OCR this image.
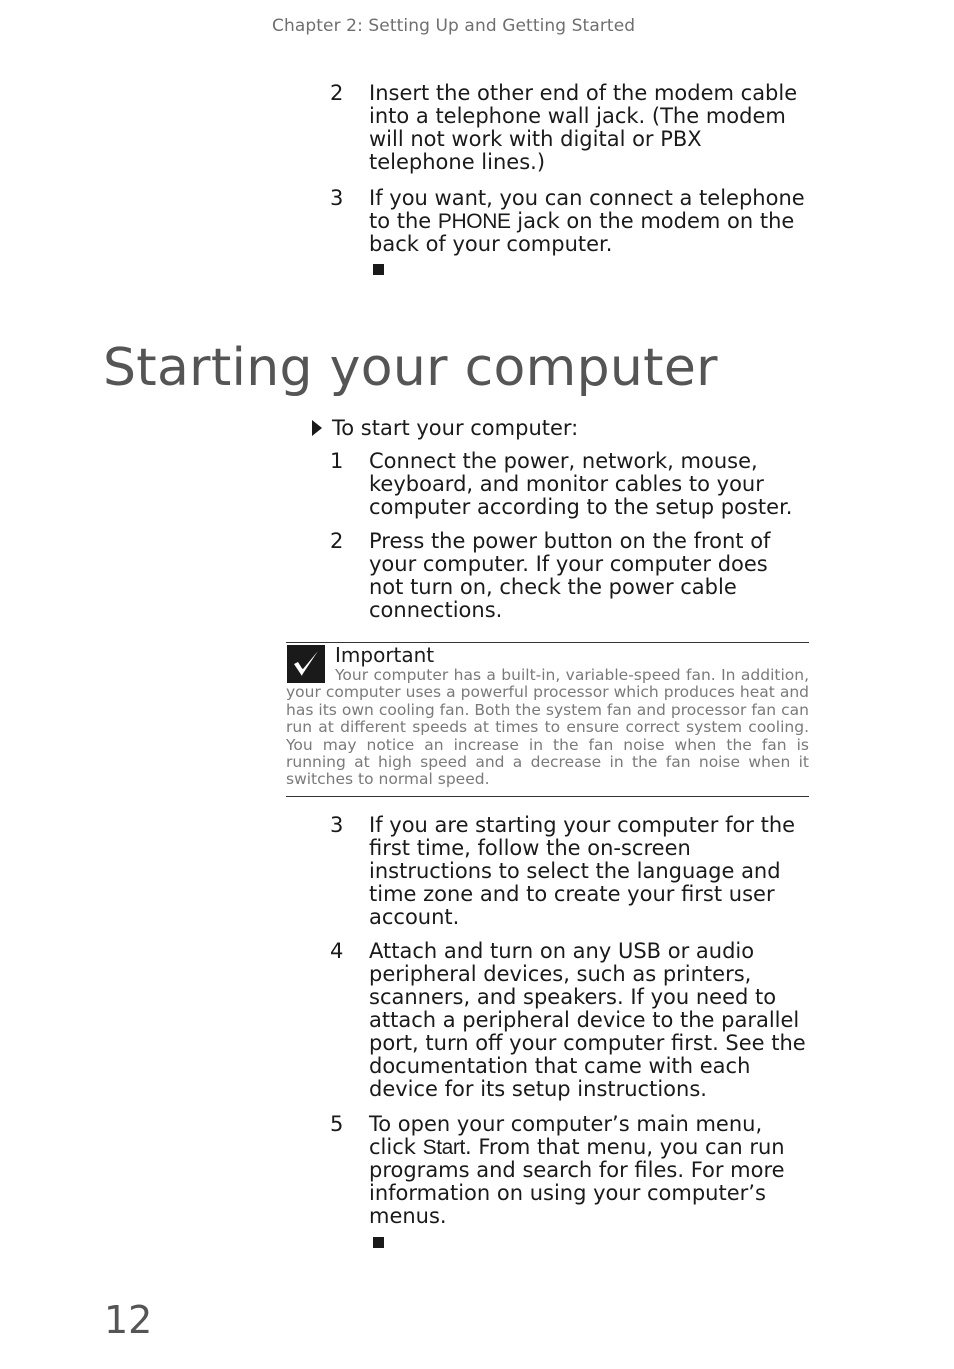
Chapter 2: Setting Up and Getting Started
2 Insert the other end of the modem cable
into a telephone wall jack. (The modem
will not work with digital or PBX
telephone lines.)
3 If you want, you can connect a telephone
to the PHONE jack on the modem on the
back of your computer.
Starting your computer
To start your computer:
1 Connect the power, network, mouse,
keyboard, and monitor cables to your
computer according to the setup poster.
2 Press the power button on the front of
your computer. If your computer does
not turn on, check the power cable
connections.
Important
Your computer has a built-in, variable-speed fan. In addition, your computer uses a powerful processor which produces heat and has its own cooling fan. Both the system fan and processor fan can run at different speeds at times to ensure correct system cooling. You may notice an increase in the fan noise when the fan is running at high speed and a decrease in the fan noise when it switches to normal speed.
3 If you are starting your computer for the
first time, follow the on-screen
instructions to select the language and
time zone and to create your first user
account.
4 Attach and turn on any USB or audio
peripheral devices, such as printers,
scanners, and speakers. If you need to
attach a peripheral device to the parallel
port, turn off your computer first. See the
documentation that came with each
device for its setup instructions.
5 To open your computer’s main menu,
click Start. From that menu, you can run
programs and search for files. For more
information on using your computer’s
menus.
12
